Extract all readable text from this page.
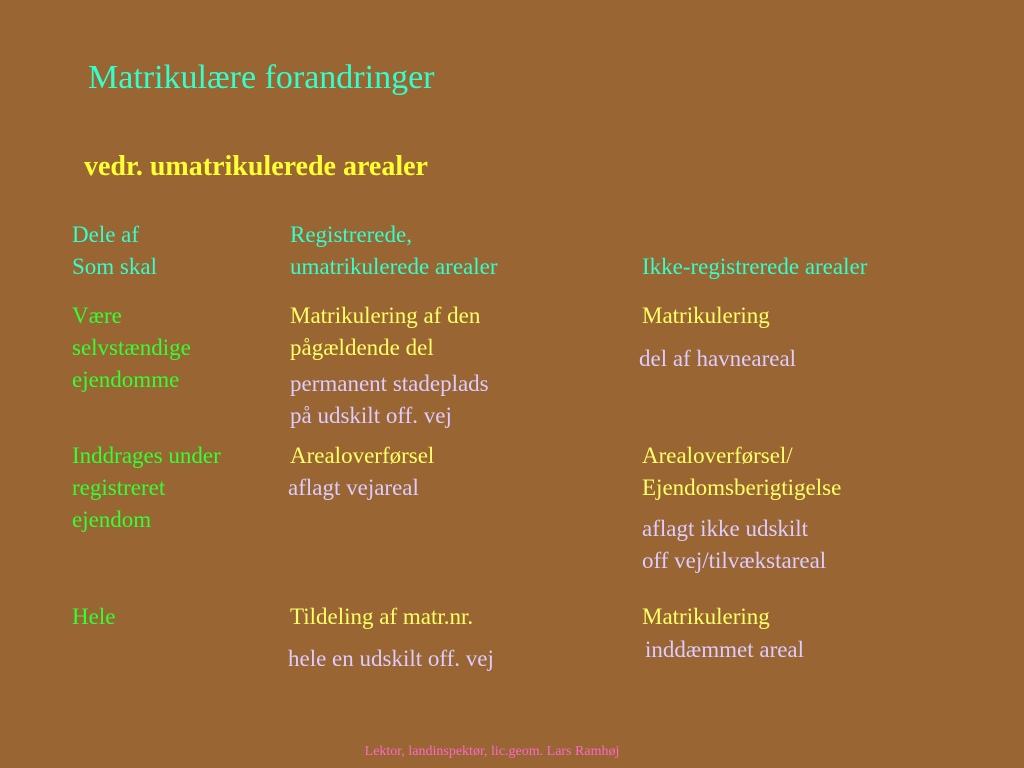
Matrikulære forandringer
vedr. umatrikulerede arealer
Dele af
Som skal
Registrerede,
umatrikulerede arealer	Ikke-registrerede arealer
Være
selvstændige
ejendomme
Matrikulering af den
pågældende del
permanent stadeplads
på udskilt off. vej
Matrikulering
del af havneareal
Inddrages under
registreret
ejendom
Arealoverførsel
aflagt vejareal
Arealoverførsel/
Ejendomsberigtigelse
aflagt ikke udskilt
off vej/tilvækstareal
Hele	Tildeling af matr.nr.
hele en udskilt off. vej
Matrikulering
inddæmmet areal
Lektor, landinspektør, lic.geom. Lars Ramhøj
